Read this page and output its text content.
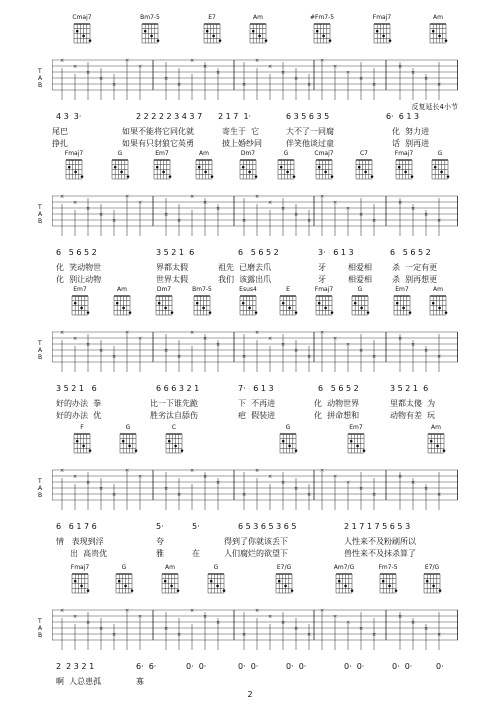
Cmaj7	Bm7-5	E7	Am	#Fm7-5	Fmaj7	Am
×
×
×
×
×
×
×
×
×
×
×
×
×
×
×
×
×
×
×
×
×
×
×
×
×
×
×
T
A
B
反复延长4小节
4 3  3·	2 2 2 2 2 3 4 3 7 2 1 7  1·	6 3 5 6 3 5	6·  6 1 3
尾巴	如果不能将它同化就	寄生于  它	大不了一同腐	化  努力进
挣扎	如果有只豺狼它英勇	披上婚纱同	伴笑他谈过童	话  别再进
Fmaj7	G	Em7	Am	Dm7	G	Cmaj7	C7	Fmaj7	G
×
×
×
×
×
×
×
×
×
×
×
×
×
×
×
×
×
×
×
×
×
×
×
×
×
×
×
T
A
B
6   5 6 5 2	3 5 2 1  6	6   5 6 5 2	3·   6 1 3	6   5 6 5 2
化  笑动物世	界都太假	祖先  已磨去爪	牙	相爱相	杀  一定有更
化  别让动物	世界太假	我们  该露出爪	牙	相爱相	杀  别再想更
Em7	Am	Dm7	Bm7-5	Esus4	E	Fmaj7	G	Em7	Am
×
×
×
×
×
×
×
×
×
×
×
×
×
×
×
×
×
×
×
×
×
×
×
×
×
×
×
T
A
B
3 5 2 1   6	6 6 6 3 2 1	7·   6 1 3	6   5 6 5 2	3 5 2 1  6
好的办法  拳	比一下谁先跪	下  不再进	化  动物世界	里都太傻  为
好的办法  优	胜劣汰自舔伤	疤  假装进	化  拼命想和	动物有差  玩
F	G	C	G	Em7	Am
×
×
×
×
×
×
×
×
×
×
×
×
×
×
×
×
×
×
×
×
×
×
×
×
×
×
×
T
A
B
6   6 1 7 6	5·	5·	6 5 3 6 5 3 6 5	2 1 7 1 7 5 6 5 3
情   表现到浮	夸	得到了你就该丢下	人性来不及粉刷所以
出  高贵优	雅	在	人们腐烂的欲望下	兽性来不及抹杀算了
Fmaj7	G	Am	G	E7/G	Am7/G	Fm7-5	E7/G
×
×
×
×
×
×
×
×
×
×
×
×
×
×
×
×
×
×
×
×
×
×
×
×
×
×
×
T
A
B
2  2 3 2 1	6·  6·	0·  0·	0·  0·	0·  0·	0·  0·	0·  0·	0·
啊  人总患孤	寡
2
